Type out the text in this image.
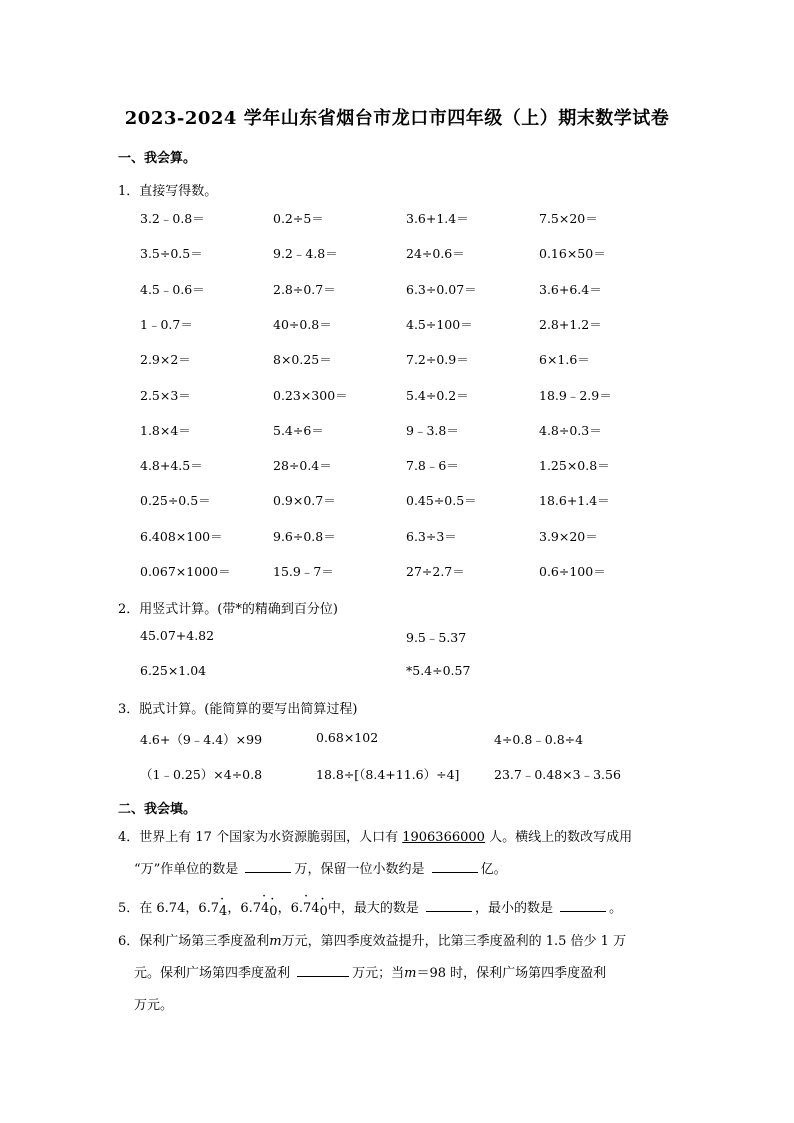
2023-2024 学年山东省烟台市龙口市四年级（上）期末数学试卷
一、我会算。
1．直接写得数。
3.2﹣0.8＝	0.2÷5＝	3.6+1.4＝	7.5×20＝
3.5÷0.5＝	9.2﹣4.8＝	24÷0.6＝	0.16×50＝
4.5﹣0.6＝	2.8÷0.7＝	6.3÷0.07＝	3.6+6.4＝
1﹣0.7＝	40÷0.8＝	4.5÷100＝	2.8+1.2＝
2.9×2＝	8×0.25＝	7.2÷0.9＝	6×1.6＝
2.5×3＝	0.23×300＝	5.4÷0.2＝	18.9﹣2.9＝
1.8×4＝	5.4÷6＝	9﹣3.8＝	4.8÷0.3＝
4.8+4.5＝	28÷0.4＝	7.8﹣6＝	1.25×0.8＝
0.25÷0.5＝	0.9×0.7＝	0.45÷0.5＝	18.6+1.4＝
6.408×100＝	9.6÷0.8＝	6.3÷3＝	3.9×20＝
0.067×1000＝	15.9﹣7＝	27÷2.7＝	0.6÷100＝
2．用竖式计算。(带*的精确到百分位)
45.07+4.82	9.5﹣5.37
6.25×1.04	*5.4÷0.57
3．脱式计算。(能简算的要写出简算过程)
4.6+（9﹣4.4）×99	0.68×102	4÷0.8﹣0.8÷4
（1﹣0.25）×4÷0.8	18.8÷[（8.4+11.6）÷4]	23.7﹣0.48×3﹣3.56
二、我会填。
4．世界上有 17 个国家为水资源脆弱国，人口有 1906366000 人。横线上的数改写成用
“万”作单位的数是	万，保留一位小数约是	亿。
5．在 6.74，6.7· 4，6.7· 4· 0，6.· 74· 0中，最大的数是	，最小的数是	。
6．保利广场第三季度盈利m万元，第四季度效益提升，比第三季度盈利的 1.5 倍少 1 万
元。保利广场第四季度盈利	万元；当m＝98 时，保利广场第四季度盈利
万元。
